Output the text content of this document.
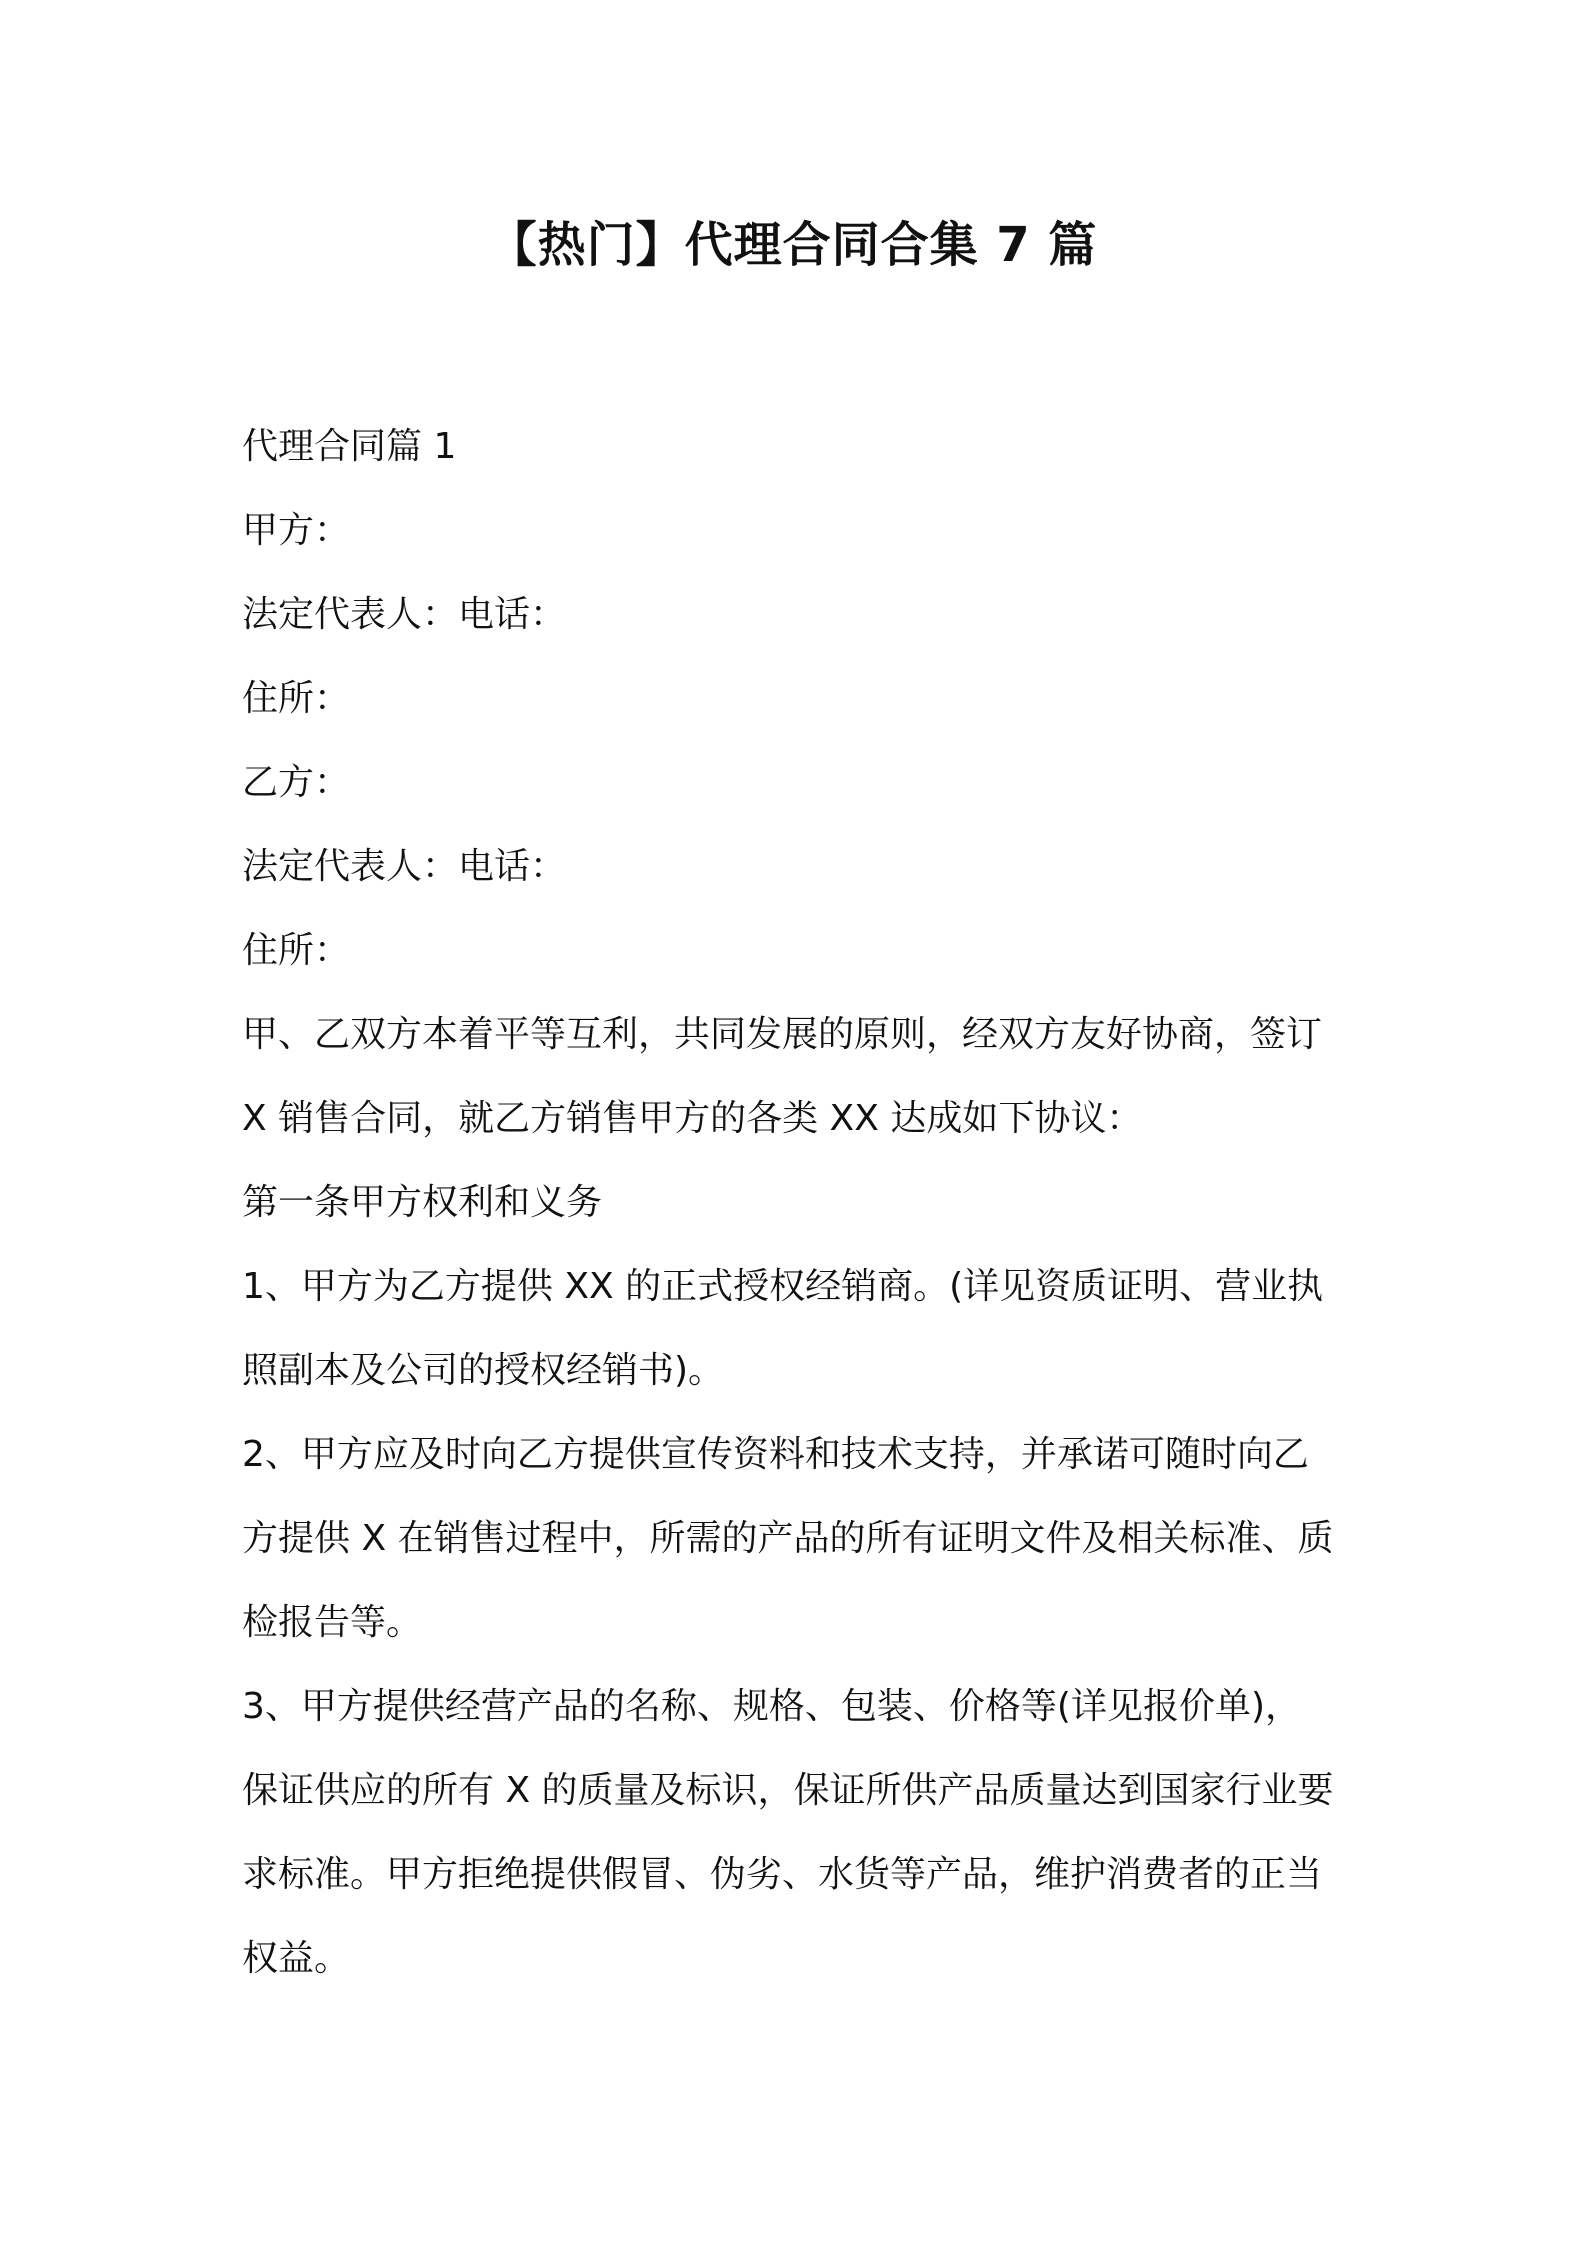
【热门】代理合同合集 7 篇
代理合同篇 1
甲方：
法定代表人：电话：
住所：
乙方：
法定代表人：电话：
住所：
甲、乙双方本着平等互利，共同发展的原则，经双方友好协商，签订
X 销售合同，就乙方销售甲方的各类 XX 达成如下协议：
第一条甲方权利和义务
1、甲方为乙方提供 XX 的正式授权经销商。(详见资质证明、营业执
照副本及公司的授权经销书)。
2、甲方应及时向乙方提供宣传资料和技术支持，并承诺可随时向乙
方提供 X 在销售过程中，所需的产品的所有证明文件及相关标准、质
检报告等。
3、甲方提供经营产品的名称、规格、包装、价格等(详见报价单)，
保证供应的所有 X 的质量及标识，保证所供产品质量达到国家行业要
求标准。甲方拒绝提供假冒、伪劣、水货等产品，维护消费者的正当
权益。
